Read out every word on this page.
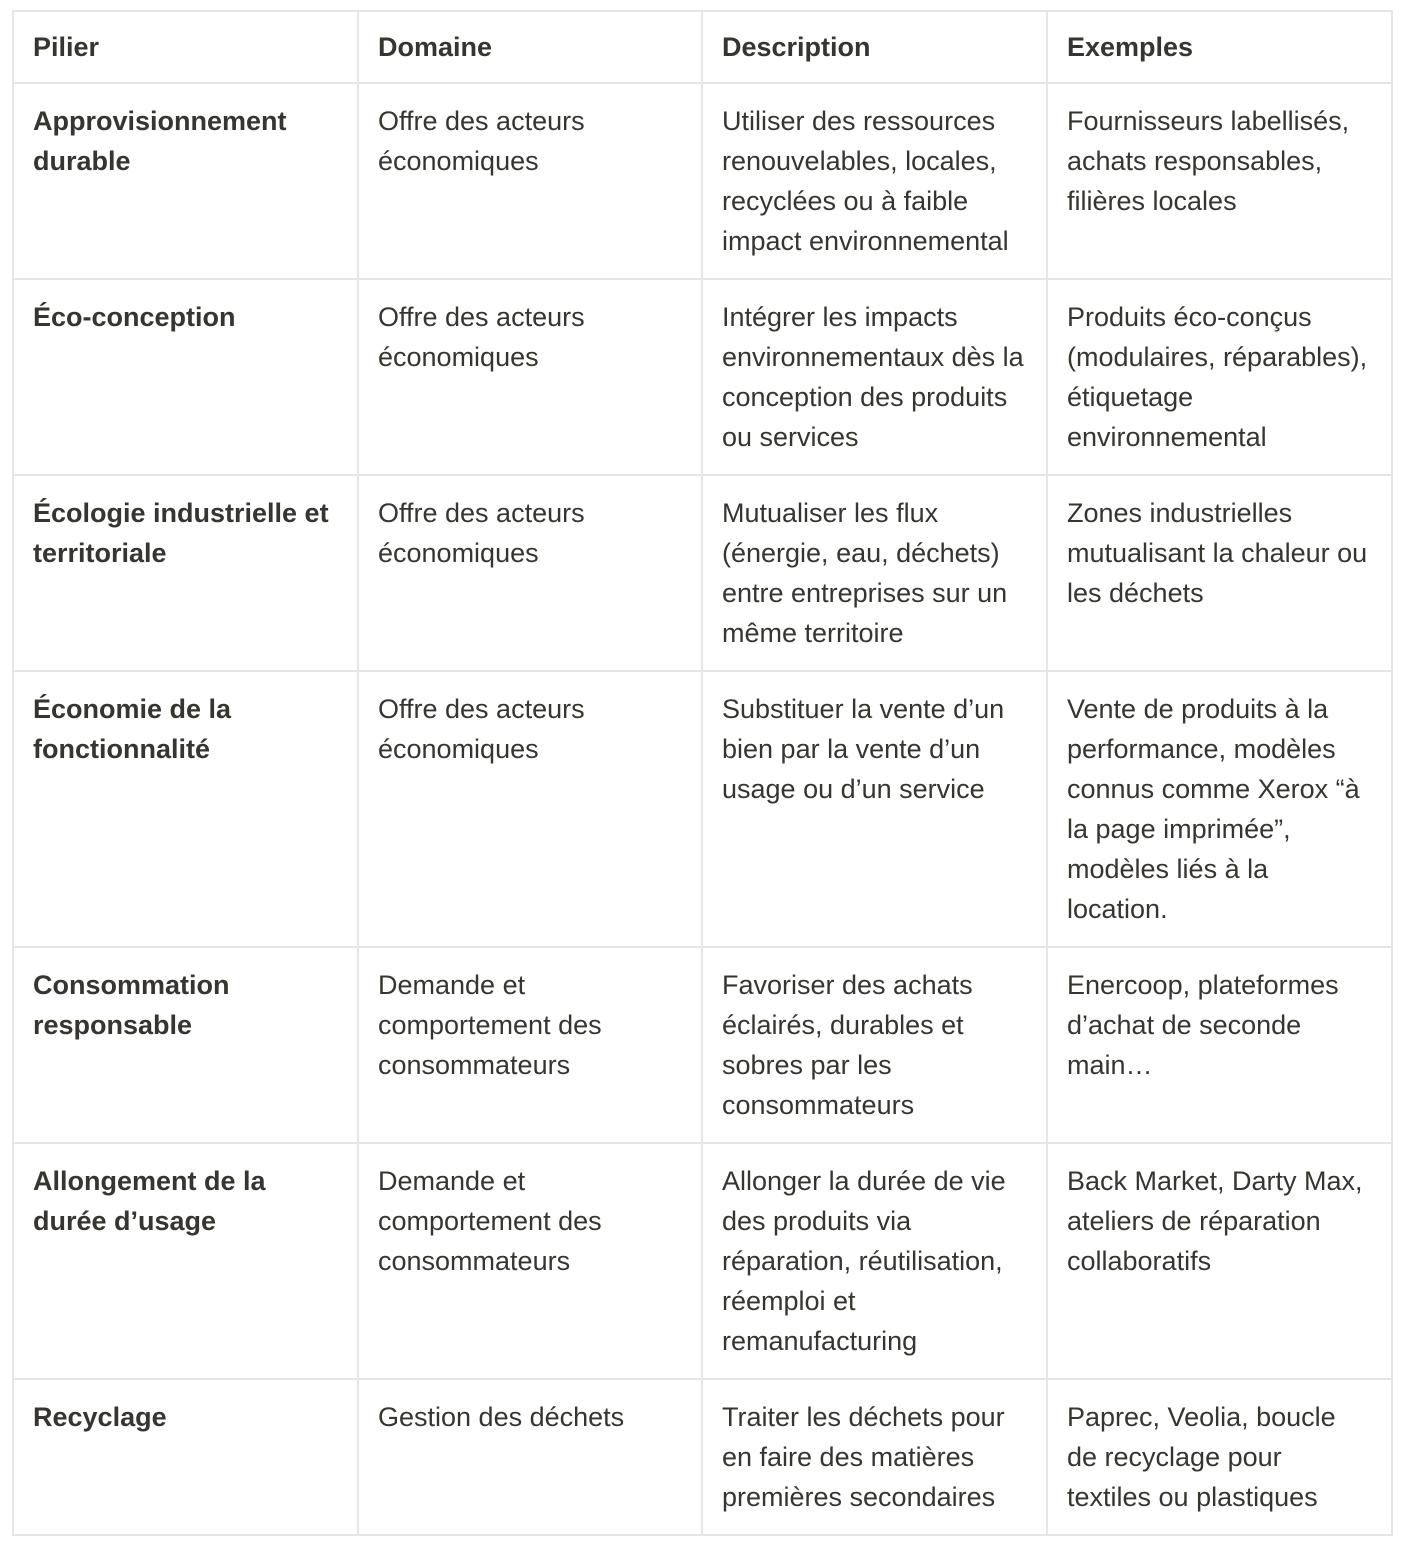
Pilier	Domaine	Description	Exemples
Approvisionnement durable	Offre des acteurs économiques	Utiliser des ressources renouvelables, locales, recyclées ou à faible impact environnemental	Fournisseurs labellisés, achats responsables, filières locales
Éco-conception	Offre des acteurs économiques	Intégrer les impacts environnementaux dès la conception des produits ou services	Produits éco-conçus (modulaires, réparables), étiquetage environnemental
Écologie industrielle et territoriale	Offre des acteurs économiques	Mutualiser les flux (énergie, eau, déchets) entre entreprises sur un même territoire	Zones industrielles mutualisant la chaleur ou les déchets
Économie de la fonctionnalité	Offre des acteurs économiques	Substituer la vente d’un bien par la vente d’un usage ou d’un service	Vente de produits à la performance, modèles connus comme Xerox “à la page imprimée”, modèles liés à la location.
Consommation responsable	Demande et comportement des consommateurs	Favoriser des achats éclairés, durables et sobres par les consommateurs	Enercoop, plateformes d’achat de seconde main…
Allongement de la durée d’usage	Demande et comportement des consommateurs	Allonger la durée de vie des produits via réparation, réutilisation, réemploi et remanufacturing	Back Market, Darty Max, ateliers de réparation collaboratifs
Recyclage	Gestion des déchets	Traiter les déchets pour en faire des matières premières secondaires	Paprec, Veolia, boucle de recyclage pour textiles ou plastiques
